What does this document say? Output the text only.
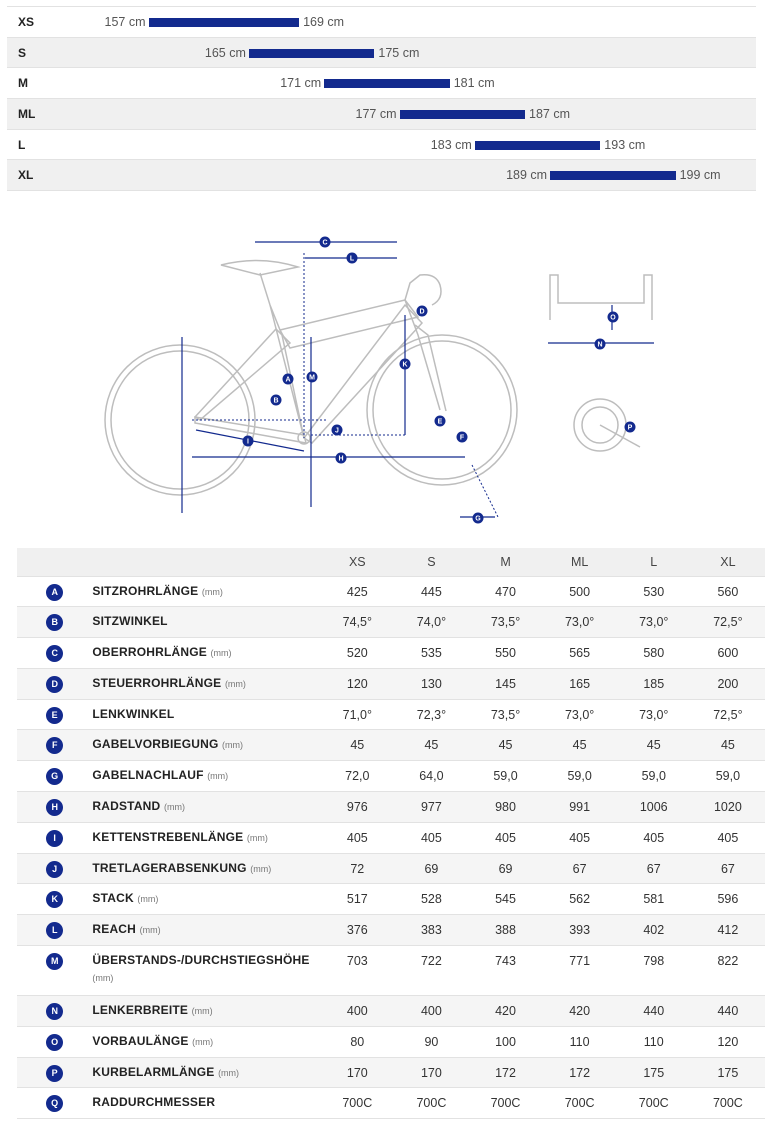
XS	157 cm	169 cm
S	165 cm	175 cm
M	171 cm	181 cm
ML	177 cm	187 cm
L	183 cm	193 cm
XL	189 cm	199 cm
A
B
C
D
E
F
G
H
I
J
K
L
M
N
O
P
		XS	S	M	ML	L	XL
A	SITZROHRLÄNGE (mm)	425	445	470	500	530	560
B	SITZWINKEL	74,5°	74,0°	73,5°	73,0°	73,0°	72,5°
C	OBERROHRLÄNGE (mm)	520	535	550	565	580	600
D	STEUERROHRLÄNGE (mm)	120	130	145	165	185	200
E	LENKWINKEL	71,0°	72,3°	73,5°	73,0°	73,0°	72,5°
F	GABELVORBIEGUNG (mm)	45	45	45	45	45	45
G	GABELNACHLAUF (mm)	72,0	64,0	59,0	59,0	59,0	59,0
H	RADSTAND (mm)	976	977	980	991	1006	1020
I	KETTENSTREBENLÄNGE (mm)	405	405	405	405	405	405
J	TRETLAGERABSENKUNG (mm)	72	69	69	67	67	67
K	STACK (mm)	517	528	545	562	581	596
L	REACH (mm)	376	383	388	393	402	412
M	ÜBERSTANDS-/DURCHSTIEGSHÖHE (mm)	703	722	743	771	798	822
N	LENKERBREITE (mm)	400	400	420	420	440	440
O	VORBAULÄNGE (mm)	80	90	100	110	110	120
P	KURBELARMLÄNGE (mm)	170	170	172	172	175	175
Q	RADDURCHMESSER	700C	700C	700C	700C	700C	700C
